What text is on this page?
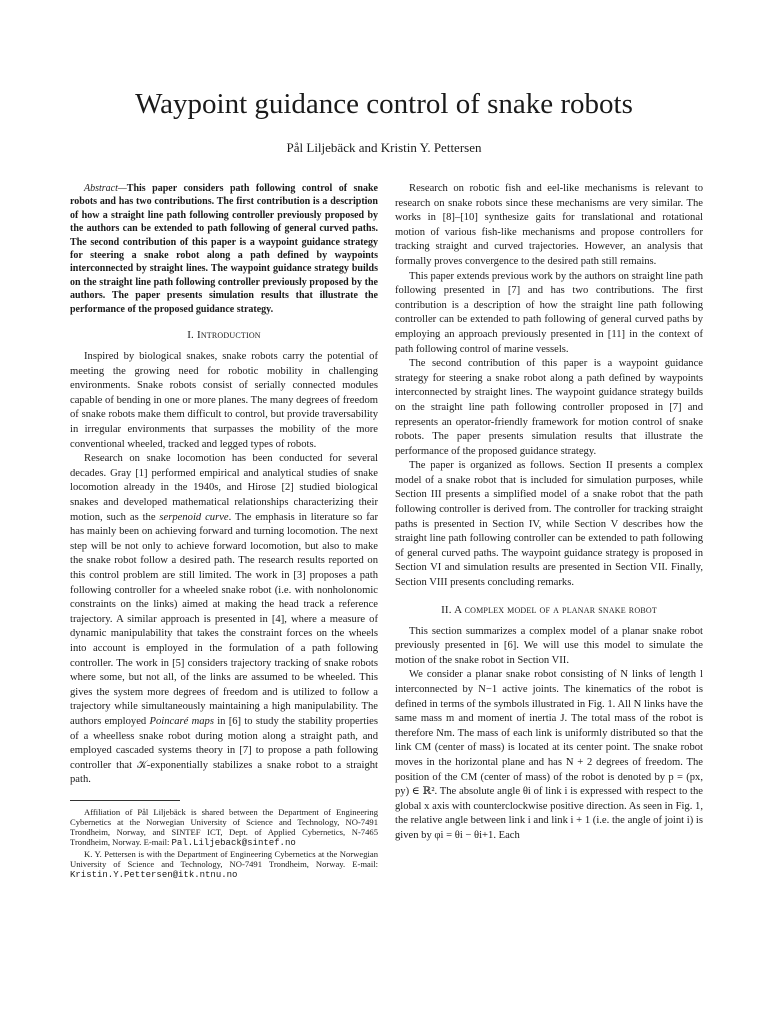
Waypoint guidance control of snake robots
Pål Liljebäck and Kristin Y. Pettersen

Abstract—This paper considers path following control of snake robots and has two contributions. The first contribution is a description of how a straight line path following controller previously proposed by the authors can be extended to path following of general curved paths. The second contribution of this paper is a waypoint guidance strategy for steering a snake robot along a path defined by waypoints interconnected by straight lines. The waypoint guidance strategy builds on the straight line path following controller previously proposed by the authors. The paper presents simulation results that illustrate the performance of the proposed guidance strategy.

I. Introduction

Inspired by biological snakes, snake robots carry the potential of meeting the growing need for robotic mobility in challenging environments. Snake robots consist of serially connected modules capable of bending in one or more planes. The many degrees of freedom of snake robots make them difficult to control, but provide traversability in irregular environments that surpasses the mobility of the more conventional wheeled, tracked and legged types of robots.

Research on snake locomotion has been conducted for several decades. Gray [1] performed empirical and analytical studies of snake locomotion already in the 1940s, and Hirose [2] studied biological snakes and developed mathematical relationships characterizing their motion, such as the serpenoid curve. The emphasis in literature so far has mainly been on achieving forward and turning locomotion. The next step will be not only to achieve forward locomotion, but also to make the snake robot follow a desired path. The research results reported on this control problem are still limited. The work in [3] proposes a path following controller for a wheeled snake robot (i.e. with nonholonomic constraints on the links) aimed at making the head track a reference trajectory. A similar approach is presented in [4], where a measure of dynamic manipulability that takes the constraint forces on the wheels into account is employed in the formulation of a path following controller. The work in [5] considers trajectory tracking of snake robots where some, but not all, of the links are assumed to be wheeled. This gives the system more degrees of freedom and is utilized to follow a trajectory while simultaneously maintaining a high manipulability. The authors employed Poincaré maps in [6] to study the stability properties of a wheelless snake robot during motion along a straight path, and employed cascaded systems theory in [7] to propose a path following controller that 𝒦-exponentially stabilizes a snake robot to a straight path.

Affiliation of Pål Liljebäck is shared between the Department of Engineering Cybernetics at the Norwegian University of Science and Technology, NO-7491 Trondheim, Norway, and SINTEF ICT, Dept. of Applied Cybernetics, N-7465 Trondheim, Norway. E-mail: Pal.Liljeback@sintef.no

K. Y. Pettersen is with the Department of Engineering Cybernetics at the Norwegian University of Science and Technology, NO-7491 Trondheim, Norway. E-mail: Kristin.Y.Pettersen@itk.ntnu.no

Research on robotic fish and eel-like mechanisms is relevant to research on snake robots since these mechanisms are very similar. The works in [8]–[10] synthesize gaits for translational and rotational motion of various fish-like mechanisms and propose controllers for tracking straight and curved trajectories. However, an analysis that formally proves convergence to the desired path still remains.

This paper extends previous work by the authors on straight line path following presented in [7] and has two contributions. The first contribution is a description of how the straight line path following controller can be extended to path following of general curved paths by employing an approach previously presented in [11] in the context of path following control of marine vessels.

The second contribution of this paper is a waypoint guidance strategy for steering a snake robot along a path defined by waypoints interconnected by straight lines. The waypoint guidance strategy builds on the straight line path following controller proposed in [7] and represents an operator-friendly framework for motion control of snake robots. The paper presents simulation results that illustrate the performance of the proposed guidance strategy.

The paper is organized as follows. Section II presents a complex model of a snake robot that is included for simulation purposes, while Section III presents a simplified model of a snake robot that the path following controller is derived from. The controller for tracking straight paths is presented in Section IV, while Section V describes how the straight line path following controller can be extended to path following of general curved paths. The waypoint guidance strategy is proposed in Section VI and simulation results are presented in Section VII. Finally, Section VIII presents concluding remarks.

II. A complex model of a planar snake robot

This section summarizes a complex model of a planar snake robot previously presented in [6]. We will use this model to simulate the motion of the snake robot in Section VII.

We consider a planar snake robot consisting of N links of length l interconnected by N−1 active joints. The kinematics of the robot is defined in terms of the symbols illustrated in Fig. 1. All N links have the same mass m and moment of inertia J. The total mass of the robot is therefore Nm. The mass of each link is uniformly distributed so that the link CM (center of mass) is located at its center point. The snake robot moves in the horizontal plane and has N + 2 degrees of freedom. The position of the CM (center of mass) of the robot is denoted by p = (px, py) ∈ ℝ². The absolute angle θi of link i is expressed with respect to the global x axis with counterclockwise positive direction. As seen in Fig. 1, the relative angle between link i and link i + 1 (i.e. the angle of joint i) is given by φi = θi − θi+1. Each
